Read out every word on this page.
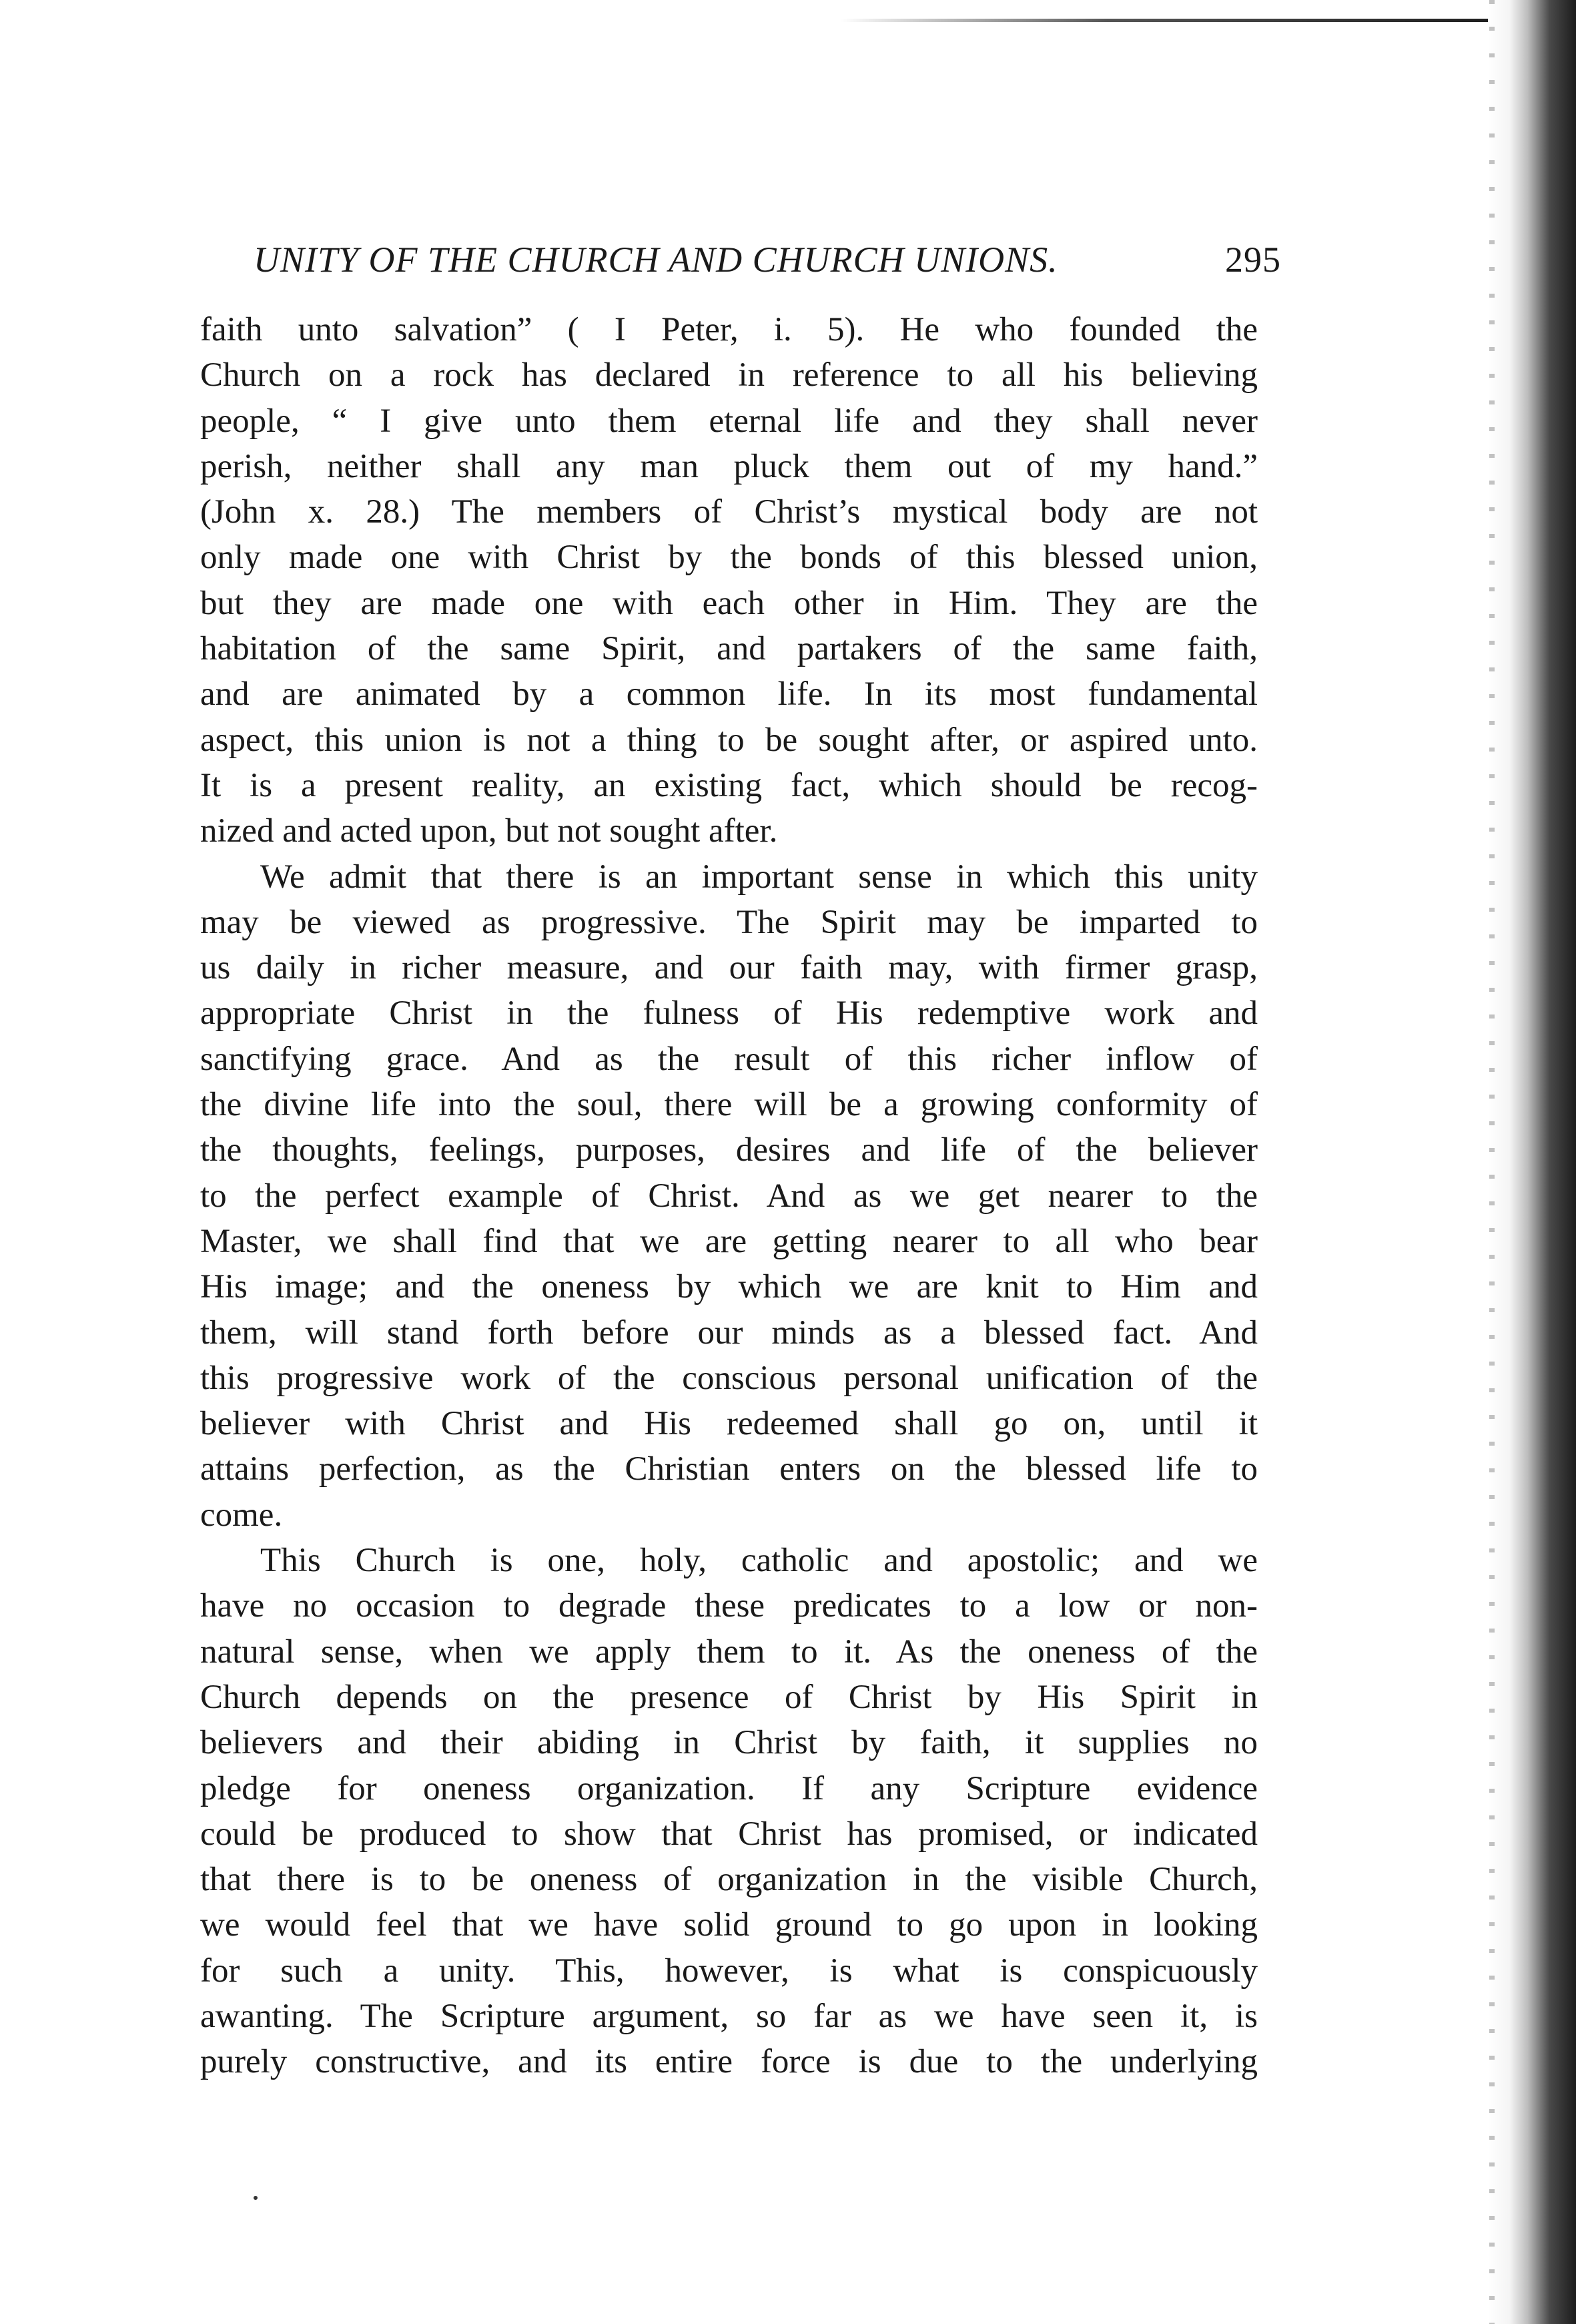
UNITY OF THE CHURCH AND CHURCH UNIONS.	295
faith unto salvation” ( I Peter, i. 5). He who founded the
Church on a rock has declared in reference to all his believing
people, “ I give unto them eternal life and they shall never
perish, neither shall any man pluck them out of my hand.”
(John x. 28.) The members of Christ’s mystical body are not
only made one with Christ by the bonds of this blessed union,
but they are made one with each other in Him. They are the
habitation of the same Spirit, and partakers of the same faith,
and are animated by a common life. In its most fundamental
aspect, this union is not a thing to be sought after, or aspired unto.
It is a present reality, an existing fact, which should be recog-
nized and acted upon, but not sought after.
We admit that there is an important sense in which this unity
may be viewed as progressive. The Spirit may be imparted to
us daily in richer measure, and our faith may, with firmer grasp,
appropriate Christ in the fulness of His redemptive work and
sanctifying grace. And as the result of this richer inflow of
the divine life into the soul, there will be a growing conformity of
the thoughts, feelings, purposes, desires and life of the believer
to the perfect example of Christ. And as we get nearer to the
Master, we shall find that we are getting nearer to all who bear
His image; and the oneness by which we are knit to Him and
them, will stand forth before our minds as a blessed fact. And
this progressive work of the conscious personal unification of the
believer with Christ and His redeemed shall go on, until it
attains perfection, as the Christian enters on the blessed life to
come.
This Church is one, holy, catholic and apostolic; and we
have no occasion to degrade these predicates to a low or non-
natural sense, when we apply them to it. As the oneness of the
Church depends on the presence of Christ by His Spirit in
believers and their abiding in Christ by faith, it supplies no
pledge for oneness organization. If any Scripture evidence
could be produced to show that Christ has promised, or indicated
that there is to be oneness of organization in the visible Church,
we would feel that we have solid ground to go upon in looking
for such a unity. This, however, is what is conspicuously
awanting. The Scripture argument, so far as we have seen it, is
purely constructive, and its entire force is due to the underlying
